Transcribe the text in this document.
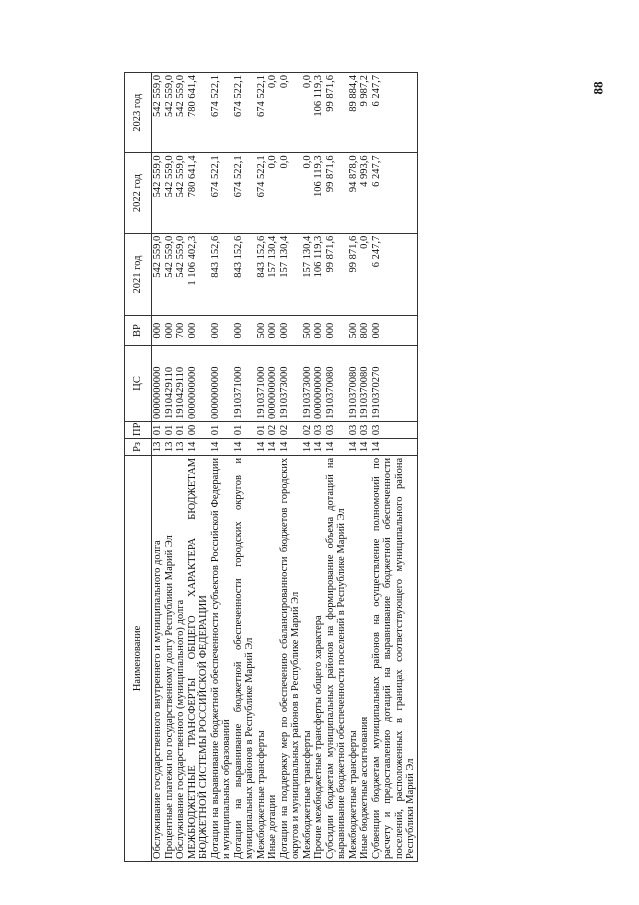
88
Наименование	Рз	ПР	ЦС	ВР	2021 год	2022 год	2023 год
Обслуживание государственного внутреннего и муниципального долга	13	01	0000000000	000	542 559,0	542 559,0	542 559,0
Процентные платежи по государственному долгу Республики Марий Эл	13	01	1910429110	000	542 559,0	542 559,0	542 559,0
Обслуживание государственного (муниципального) долга	13	01	1910429110	700	542 559,0	542 559,0	542 559,0
МЕЖБЮДЖЕТНЫЕ ТРАНСФЕРТЫ ОБЩЕГО ХАРАКТЕРА БЮДЖЕТАМ БЮДЖЕТНОЙ СИСТЕМЫ РОССИЙСКОЙ ФЕДЕРАЦИИ	14	00	0000000000	000	1 106 402,3	780 641,4	780 641,4
Дотации на выравнивание бюджетной обеспеченности субъектов Российской Федерации и муниципальных образований	14	01	0000000000	000	843 152,6	674 522,1	674 522,1
Дотации на выравнивание бюджетной обеспеченности городских округов и муниципальных районов в Республике Марий Эл	14	01	1910371000	000	843 152,6	674 522,1	674 522,1
Межбюджетные трансферты	14	01	1910371000	500	843 152,6	674 522,1	674 522,1
Иные дотации	14	02	0000000000	000	157 130,4	0,0	0,0
Дотации на поддержку мер по обеспечению сбалансированности бюджетов городских округов и муниципальных районов в Республике Марий Эл	14	02	1910373000	000	157 130,4	0,0	0,0
Межбюджетные трансферты	14	02	1910373000	500	157 130,4	0,0	0,0
Прочие межбюджетные трансферты общего характера	14	03	0000000000	000	106 119,3	106 119,3	106 119,3
Субсидии бюджетам муниципальных районов на формирование объема дотаций на выравнивание бюджетной обеспеченности поселений в Республике Марий Эл	14	03	1910370080	000	99 871,6	99 871,6	99 871,6
Межбюджетные трансферты	14	03	1910370080	500	99 871,6	94 878,0	89 884,4
Иные бюджетные ассигнования	14	03	1910370080	800	0,0	4 993,6	9 987,2
Субвенции бюджетам муниципальных районов на осуществление полномочий по расчету и предоставлению дотаций на выравнивание бюджетной обеспеченности поселений, расположенных в границах соответствующего муниципального района Республики Марий Эл	14	03	1910370270	000	6 247,7	6 247,7	6 247,7
